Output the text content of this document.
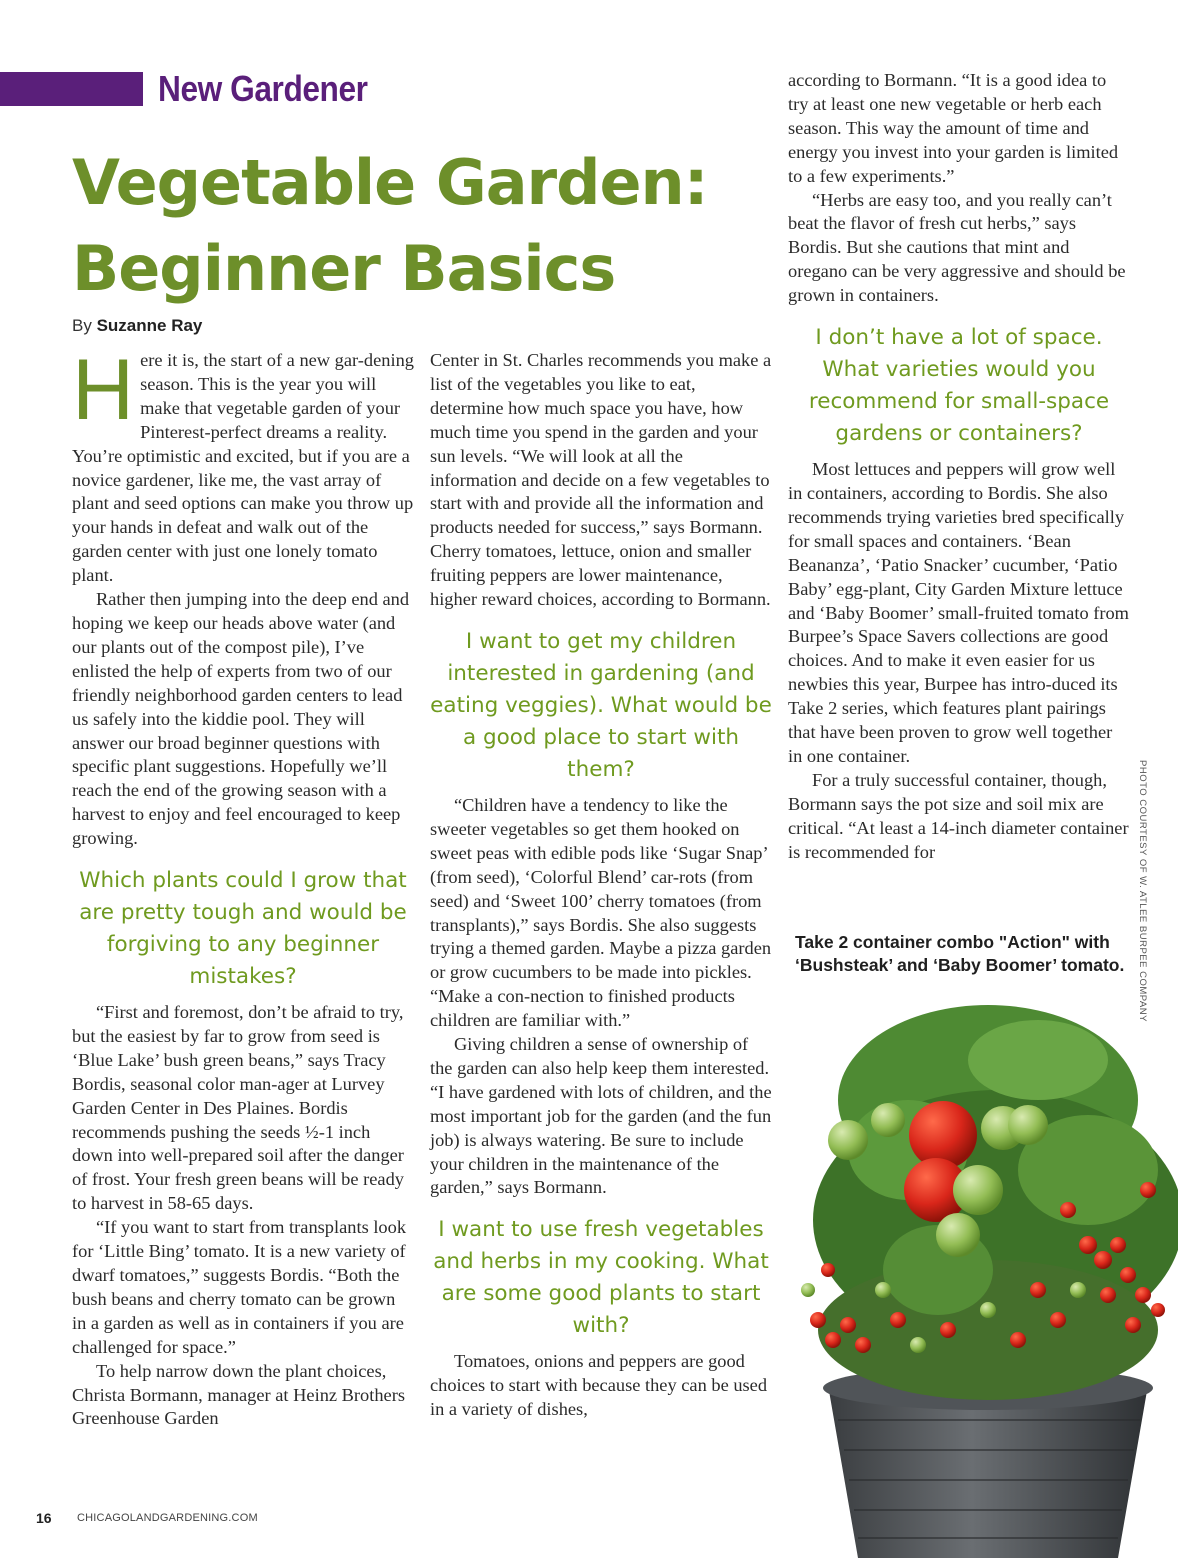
New Gardener
Vegetable Garden:
Beginner Basics
By Suzanne Ray

Here it is, the start of a new gar-dening season. This is the year you will make that vegetable garden of your Pinterest-perfect dreams a reality. You’re optimistic and excited, but if you are a novice gardener, like me, the vast array of plant and seed options can make you throw up your hands in defeat and walk out of the garden center with just one lonely tomato plant.

Rather then jumping into the deep end and hoping we keep our heads above water (and our plants out of the compost pile), I’ve enlisted the help of experts from two of our friendly neighborhood garden centers to lead us safely into the kiddie pool. They will answer our broad beginner questions with specific plant suggestions. Hopefully we’ll reach the end of the growing season with a harvest to enjoy and feel encouraged to keep growing.

Which plants could I grow that are pretty tough and would be forgiving to any beginner mistakes?

“First and foremost, don’t be afraid to try, but the easiest by far to grow from seed is ‘Blue Lake’ bush green beans,” says Tracy Bordis, seasonal color man-ager at Lurvey Garden Center in Des Plaines. Bordis recommends pushing the seeds ½-1 inch down into well-prepared soil after the danger of frost. Your fresh green beans will be ready to harvest in 58-65 days.

“If you want to start from transplants look for ‘Little Bing’ tomato. It is a new variety of dwarf tomatoes,” suggests Bordis. “Both the bush beans and cherry tomato can be grown in a garden as well as in containers if you are challenged for space.”

To help narrow down the plant choices, Christa Bormann, manager at Heinz Brothers Greenhouse Garden

Center in St. Charles recommends you make a list of the vegetables you like to eat, determine how much space you have, how much time you spend in the garden and your sun levels. “We will look at all the information and decide on a few vegetables to start with and provide all the information and products needed for success,” says Bormann. Cherry tomatoes, lettuce, onion and smaller fruiting peppers are lower maintenance, higher reward choices, according to Bormann.

I want to get my children interested in gardening (and eating veggies). What would be a good place to start with them?

“Children have a tendency to like the sweeter vegetables so get them hooked on sweet peas with edible pods like ‘Sugar Snap’ (from seed), ‘Colorful Blend’ car-rots (from seed) and ‘Sweet 100’ cherry tomatoes (from transplants),” says Bordis. She also suggests trying a themed garden. Maybe a pizza garden or grow cucumbers to be made into pickles. “Make a con-nection to finished products children are familiar with.”

Giving children a sense of ownership of the garden can also help keep them interested. “I have gardened with lots of children, and the most important job for the garden (and the fun job) is always watering. Be sure to include your children in the maintenance of the garden,” says Bormann.

I want to use fresh vegetables and herbs in my cooking. What are some good plants to start with?

Tomatoes, onions and peppers are good choices to start with because they can be used in a variety of dishes,

according to Bormann. “It is a good idea to try at least one new vegetable or herb each season. This way the amount of time and energy you invest into your garden is limited to a few experiments.”

“Herbs are easy too, and you really can’t beat the flavor of fresh cut herbs,” says Bordis. But she cautions that mint and oregano can be very aggressive and should be grown in containers.

I don’t have a lot of space. What varieties would you recommend for small-space gardens or containers?

Most lettuces and peppers will grow well in containers, according to Bordis. She also recommends trying varieties bred specifically for small spaces and containers. ‘Bean Beananza’, ‘Patio Snacker’ cucumber, ‘Patio Baby’ egg-plant, City Garden Mixture lettuce and ‘Baby Boomer’ small-fruited tomato from Burpee’s Space Savers collections are good choices. And to make it even easier for us newbies this year, Burpee has intro-duced its Take 2 series, which features plant pairings that have been proven to grow well together in one container.

For a truly successful container, though, Bormann says the pot size and soil mix are critical. “At least a 14-inch diameter container is recommended for

Take 2 container combo "Action" with ‘Bushsteak’ and ‘Baby Boomer’ tomato. PHOTO COURTESY OF W. ATLEE BURPEE COMPANY
16 CHICAGOLANDGARDENING.COM
